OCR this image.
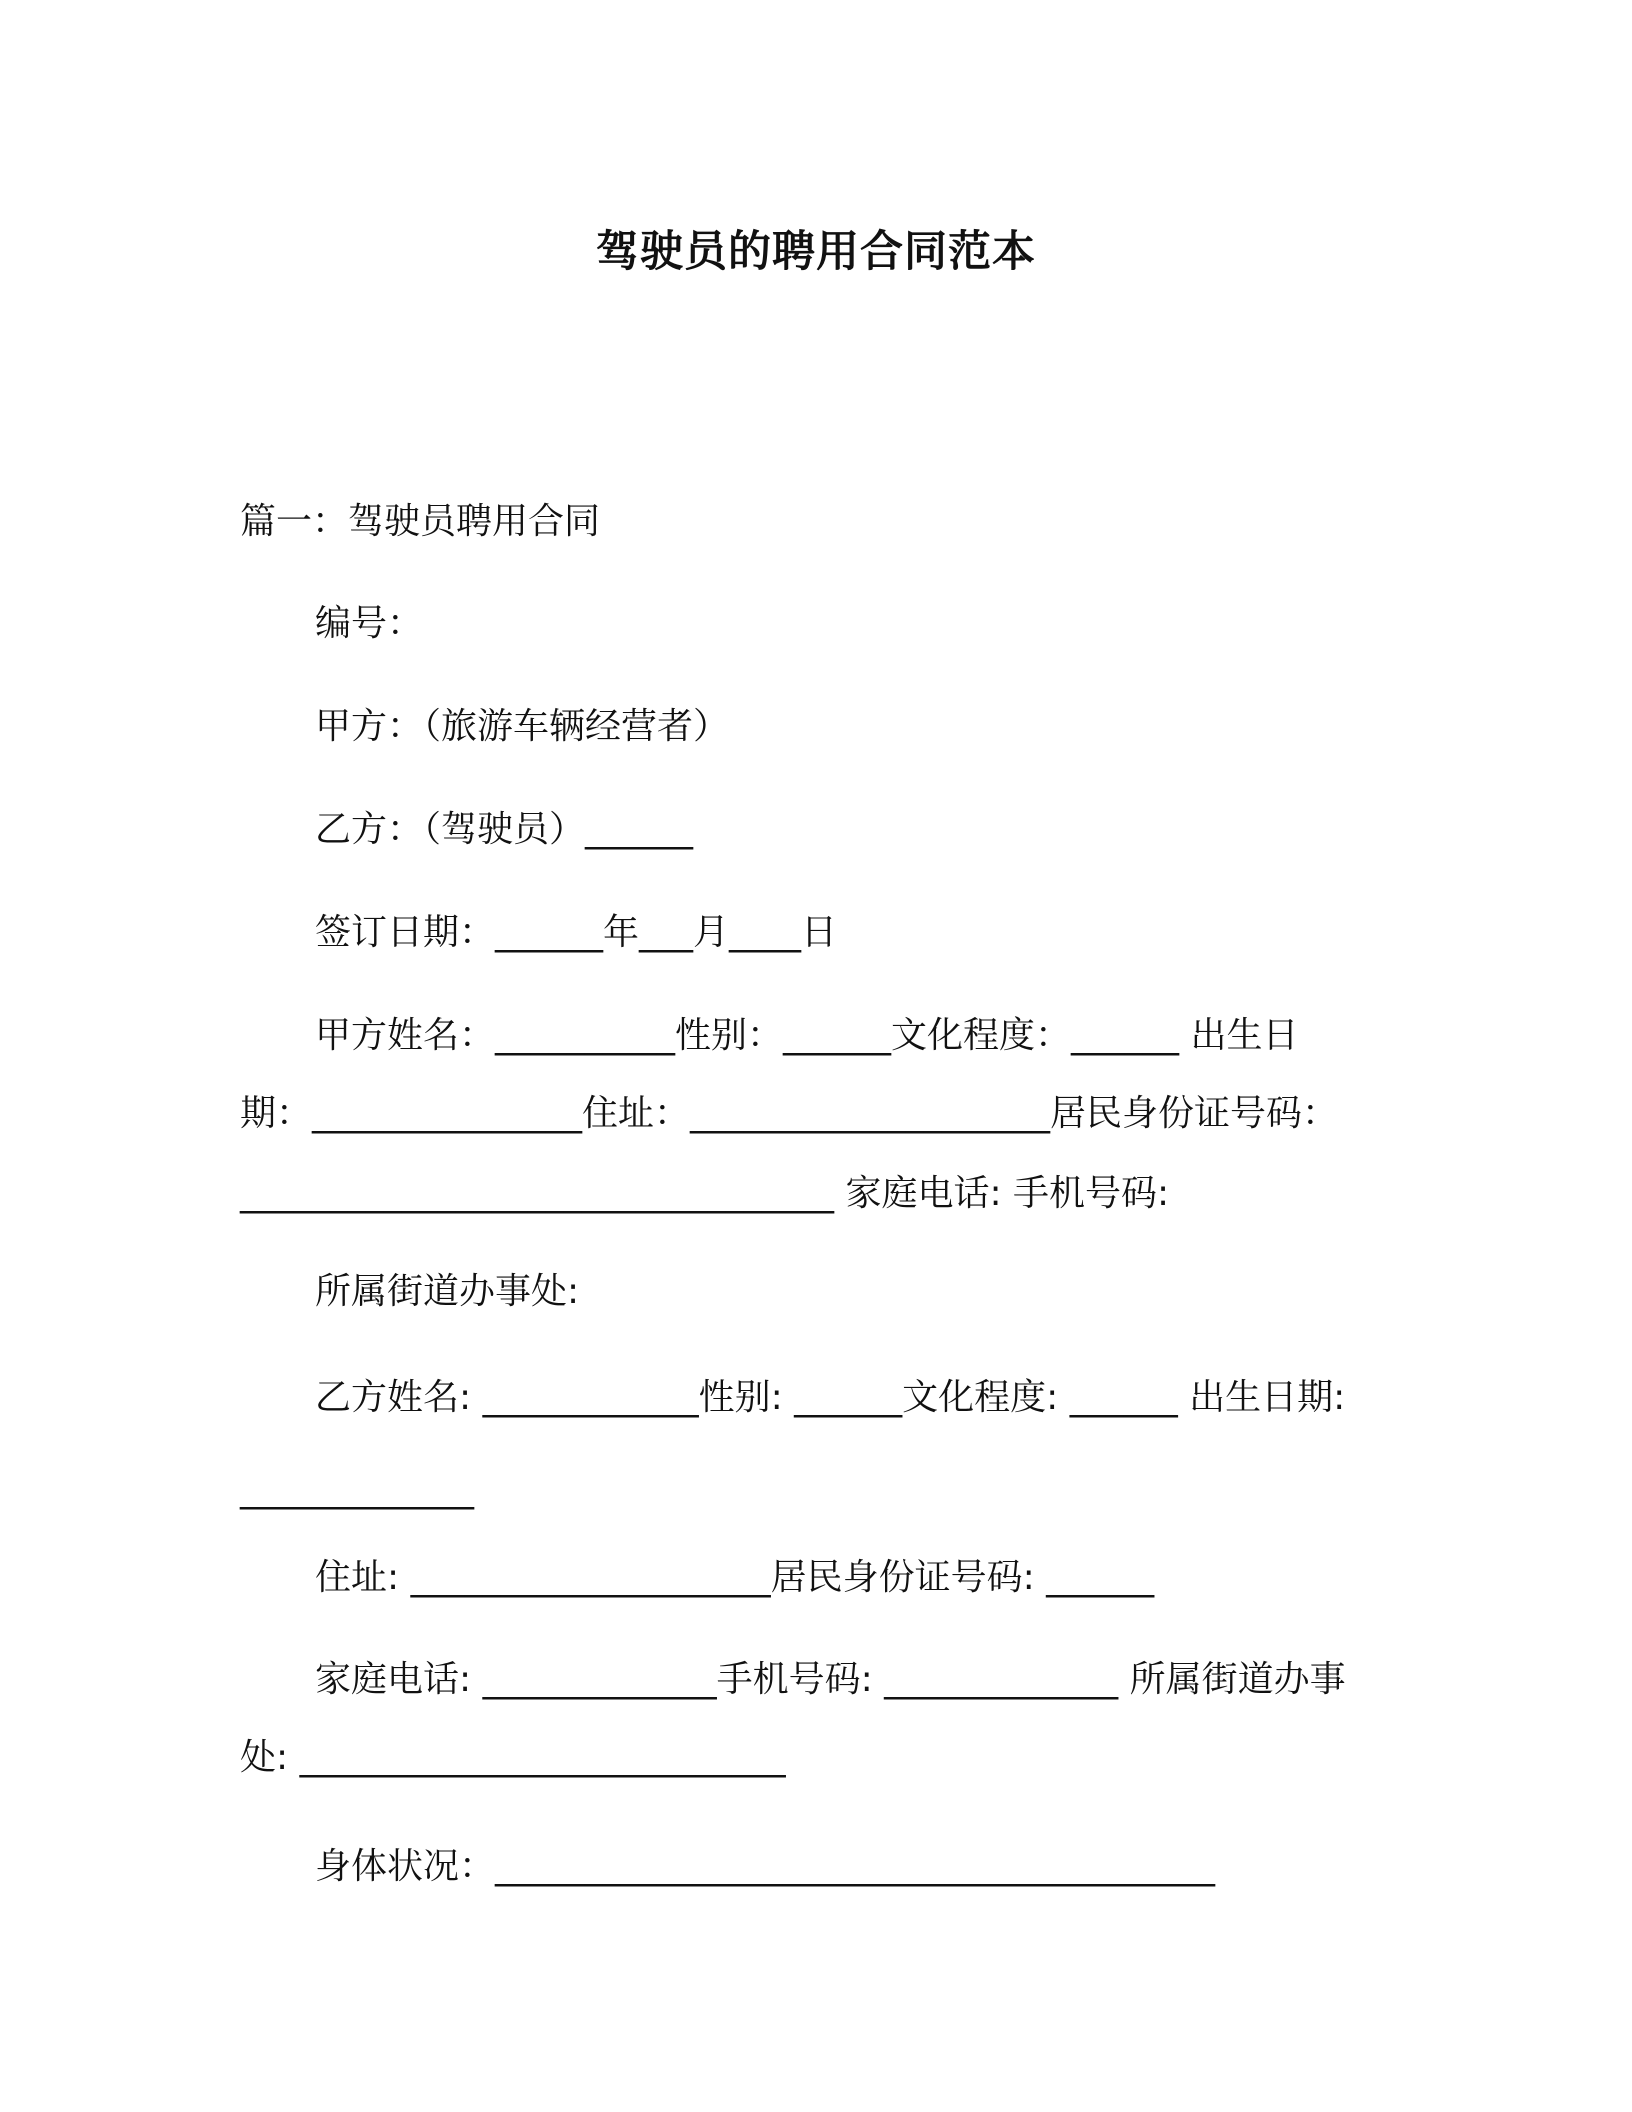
驾驶员的聘用合同范本
篇一：驾驶员聘用合同
编号：
甲方：（旅游车辆经营者）
乙方：（驾驶员）______
签订日期：______年___月____日
甲方姓名：__________性别：______文化程度：______ 出生日
期：_______________住址：____________________居民身份证号码：
_________________________________ 家庭电话: 手机号码:
所属街道办事处:
乙方姓名: ____________性别: ______文化程度: ______ 出生日期:
_____________
住址: ____________________居民身份证号码: ______
家庭电话: _____________手机号码: _____________ 所属街道办事
处: ___________________________
身体状况：________________________________________
